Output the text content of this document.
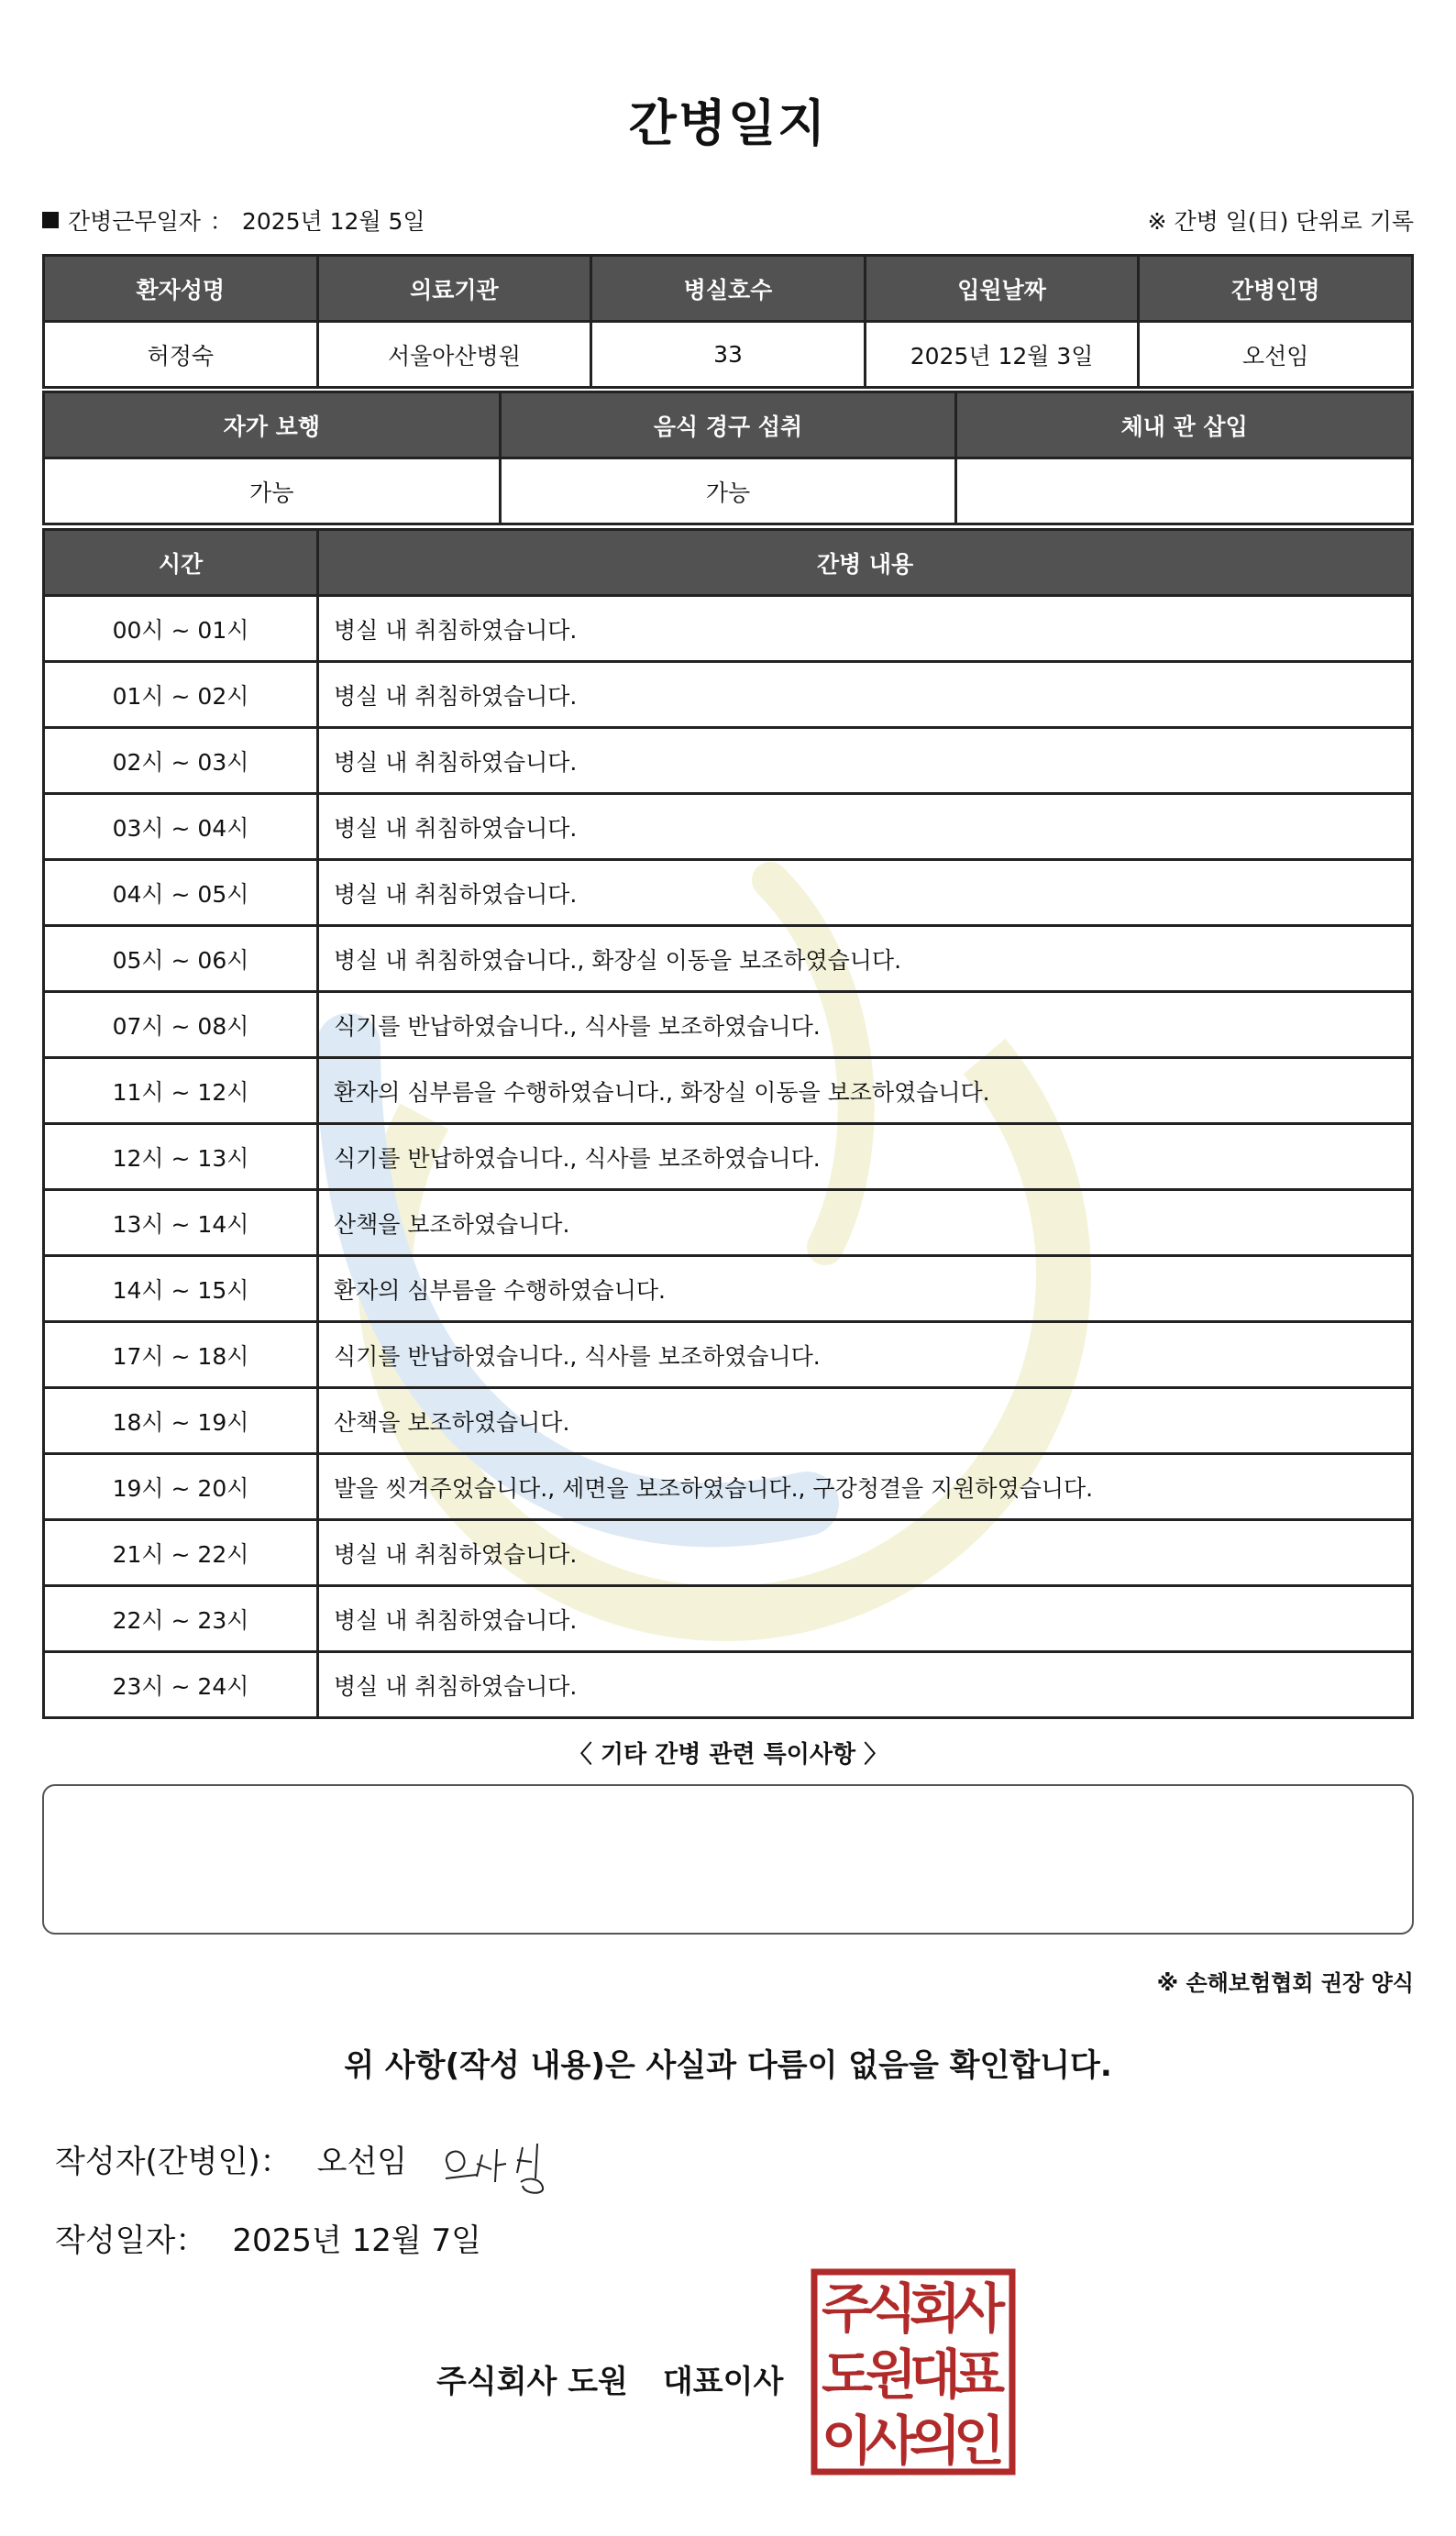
간병일지
간병근무일자 ： 2025년 12월 5일	※ 간병 일(日) 단위로 기록
환자성명	의료기관	병실호수	입원날짜	간병인명
허정숙	서울아산병원	33	2025년 12월 3일	오선임
자가 보행	음식 경구 섭취	체내 관 삽입
가능	가능	
시간	간병 내용
00시 ~ 01시	병실 내 취침하였습니다.
01시 ~ 02시	병실 내 취침하였습니다.
02시 ~ 03시	병실 내 취침하였습니다.
03시 ~ 04시	병실 내 취침하였습니다.
04시 ~ 05시	병실 내 취침하였습니다.
05시 ~ 06시	병실 내 취침하였습니다., 화장실 이동을 보조하였습니다.
07시 ~ 08시	식기를 반납하였습니다., 식사를 보조하였습니다.
11시 ~ 12시	환자의 심부름을 수행하였습니다., 화장실 이동을 보조하였습니다.
12시 ~ 13시	식기를 반납하였습니다., 식사를 보조하였습니다.
13시 ~ 14시	산책을 보조하였습니다.
14시 ~ 15시	환자의 심부름을 수행하였습니다.
17시 ~ 18시	식기를 반납하였습니다., 식사를 보조하였습니다.
18시 ~ 19시	산책을 보조하였습니다.
19시 ~ 20시	발을 씻겨주었습니다., 세면을 보조하였습니다., 구강청결을 지원하였습니다.
21시 ~ 22시	병실 내 취침하였습니다.
22시 ~ 23시	병실 내 취침하였습니다.
23시 ~ 24시	병실 내 취침하였습니다.
〈 기타 간병 관련 특이사항 〉
※ 손해보험협회 권장 양식
위 사항(작성 내용)은 사실과 다름이 없음을 확인합니다.
작성자(간병인)： 오선임
작성일자： 2025년 12월 7일
주식회사 도원 대표이사
주
식
회
사
도
원
대
표
이
사
의
인
